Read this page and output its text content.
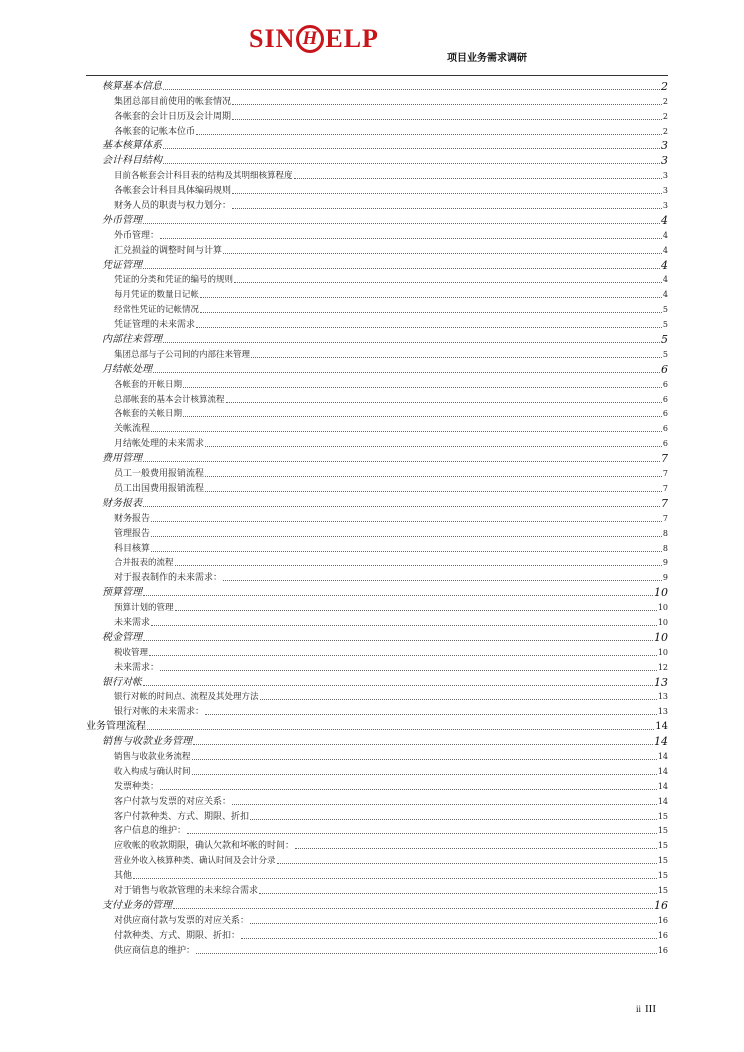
SIN H ELP
项目业务需求调研
核算基本信息	2
集团总部目前使用的帐套情况	2
各帐套的会计日历及会计周期	2
各帐套的记帐本位币	2
基本核算体系	3
会计科目结构	3
目前各帐套会计科目表的结构及其明细核算程度	3
各帐套会计科目具体编码规则	3
财务人员的职责与权力划分：	3
外币管理	4
外币管理：	4
汇兑损益的调整时间与计算	4
凭证管理	4
凭证的分类和凭证的编号的规则	4
每月凭证的数量日记帐	4
经常性凭证的记帐情况	5
凭证管理的未来需求	5
内部往来管理	5
集团总部与子公司间的内部往来管理	5
月结帐处理	6
各帐套的开帐日期	6
总部帐套的基本会计核算流程	6
各帐套的关帐日期	6
关帐流程	6
月结帐处理的未来需求	6
费用管理	7
员工一般费用报销流程	7
员工出国费用报销流程	7
财务报表	7
财务报告	7
管理报告	8
科目核算	8
合并报表的流程	9
对于报表制作的未来需求：	9
预算管理	10
预算计划的管理	10
未来需求	10
税金管理	10
税收管理	10
未来需求：	12
银行对帐	13
银行对帐的时间点、流程及其处理方法	13
银行对帐的未来需求：	13
业务管理流程	14
销售与收款业务管理	14
销售与收款业务流程	14
收入构成与确认时间	14
发票种类：	14
客户付款与发票的对应关系：	14
客户付款种类、方式、期限、折扣	15
客户信息的维护：	15
应收帐的收款期限，确认欠款和坏帐的时间：	15
营业外收入核算种类、确认时间及会计分录	15
其他	15
对于销售与收款管理的未来综合需求	15
支付业务的管理	16
对供应商付款与发票的对应关系：	16
付款种类、方式、期限、折扣：	16
供应商信息的维护：	16
ii III
